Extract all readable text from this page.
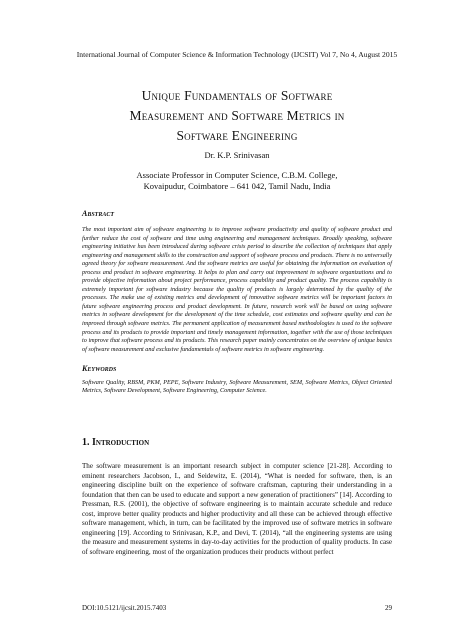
International Journal of Computer Science & Information Technology (IJCSIT) Vol 7, No 4, August 2015
Unique Fundamentals of Software
Measurement and Software Metrics in
Software Engineering
Dr. K.P. Srinivasan
Associate Professor in Computer Science, C.B.M. College,
Kovaipudur, Coimbatore – 641 042, Tamil Nadu, India
Abstract
The most important aim of software engineering is to improve software productivity and quality of software product and further reduce the cost of software and time using engineering and management techniques. Broadly speaking, software engineering initiative has been introduced during software crisis period to describe the collection of techniques that apply engineering and management skills to the construction and support of software process and products. There is no universally agreed theory for software measurement. And the software metrics are useful for obtaining the information on evaluation of process and product in software engineering. It helps to plan and carry out improvement in software organizations and to provide objective information about project performance, process capability and product quality. The process capability is extremely important for software industry because the quality of products is largely determined by the quality of the processes. The make use of existing metrics and development of innovative software metrics will be important factors in future software engineering process and product development. In future, research work will be based on using software metrics in software development for the development of the time schedule, cost estimates and software quality and can be improved through software metrics. The permanent application of measurement based methodologies is used to the software process and its products to provide important and timely management information, together with the use of those techniques to improve that software process and its products. This research paper mainly concentrates on the overview of unique basics of software measurement and exclusive fundamentals of software metrics in software engineering.
Keywords
Software Quality, RBSM, PKM, PEPE, Software Industry, Software Measurement, SEM, Software Metrics, Object Oriented Metrics, Software Development, Software Engineering, Computer Science.
1. Introduction
The software measurement is an important research subject in computer science [21-28]. According to eminent researchers Jacobson, I., and Seidewitz, E. (2014), “What is needed for software, then, is an engineering discipline built on the experience of software craftsman, capturing their understanding in a foundation that then can be used to educate and support a new generation of practitioners” [14]. According to Pressman, R.S. (2001), the objective of software engineering is to maintain accurate schedule and reduce cost, improve better quality products and higher productivity and all these can be achieved through effective software management, which, in turn, can be facilitated by the improved use of software metrics in software engineering [19]. According to Srinivasan, K.P., and Devi, T. (2014), “all the engineering systems are using the measure and measurement systems in day-to-day activities for the production of quality products. In case of software engineering, most of the organization produces their products without perfect
DOI:10.5121/ijcsit.2015.7403	29
